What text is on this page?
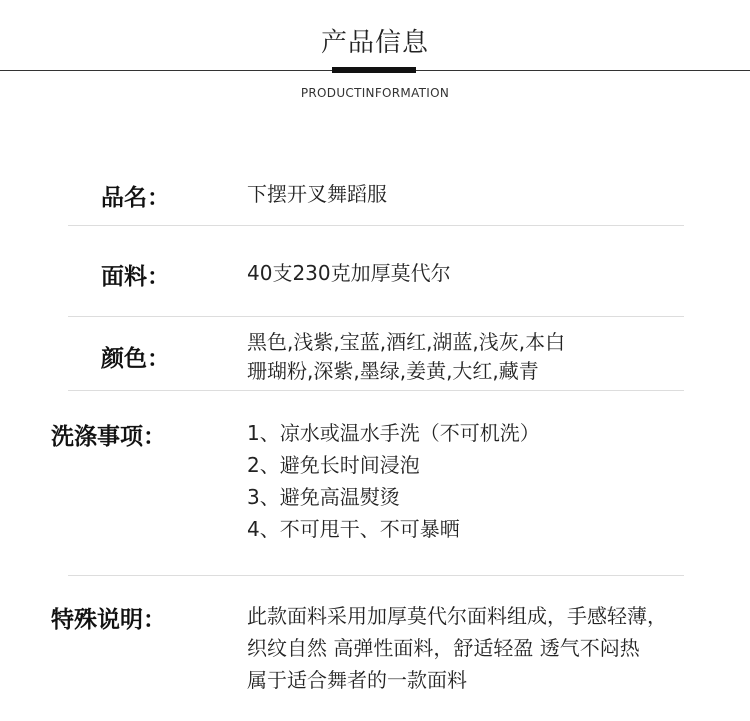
产品信息
PRODUCTINFORMATION
品名：	下摆开叉舞蹈服
面料：	40支230克加厚莫代尔
颜色：
黑色,浅紫,宝蓝,酒红,湖蓝,浅灰,本白
珊瑚粉,深紫,墨绿,姜黄,大红,藏青
洗涤事项：	1、凉水或温水手洗（不可机洗）
2、避免长时间浸泡
3、避免高温熨烫
4、不可甩干、不可暴晒
特殊说明：	此款面料采用加厚莫代尔面料组成，手感轻薄，
织纹自然 高弹性面料，舒适轻盈 透气不闷热
属于适合舞者的一款面料
